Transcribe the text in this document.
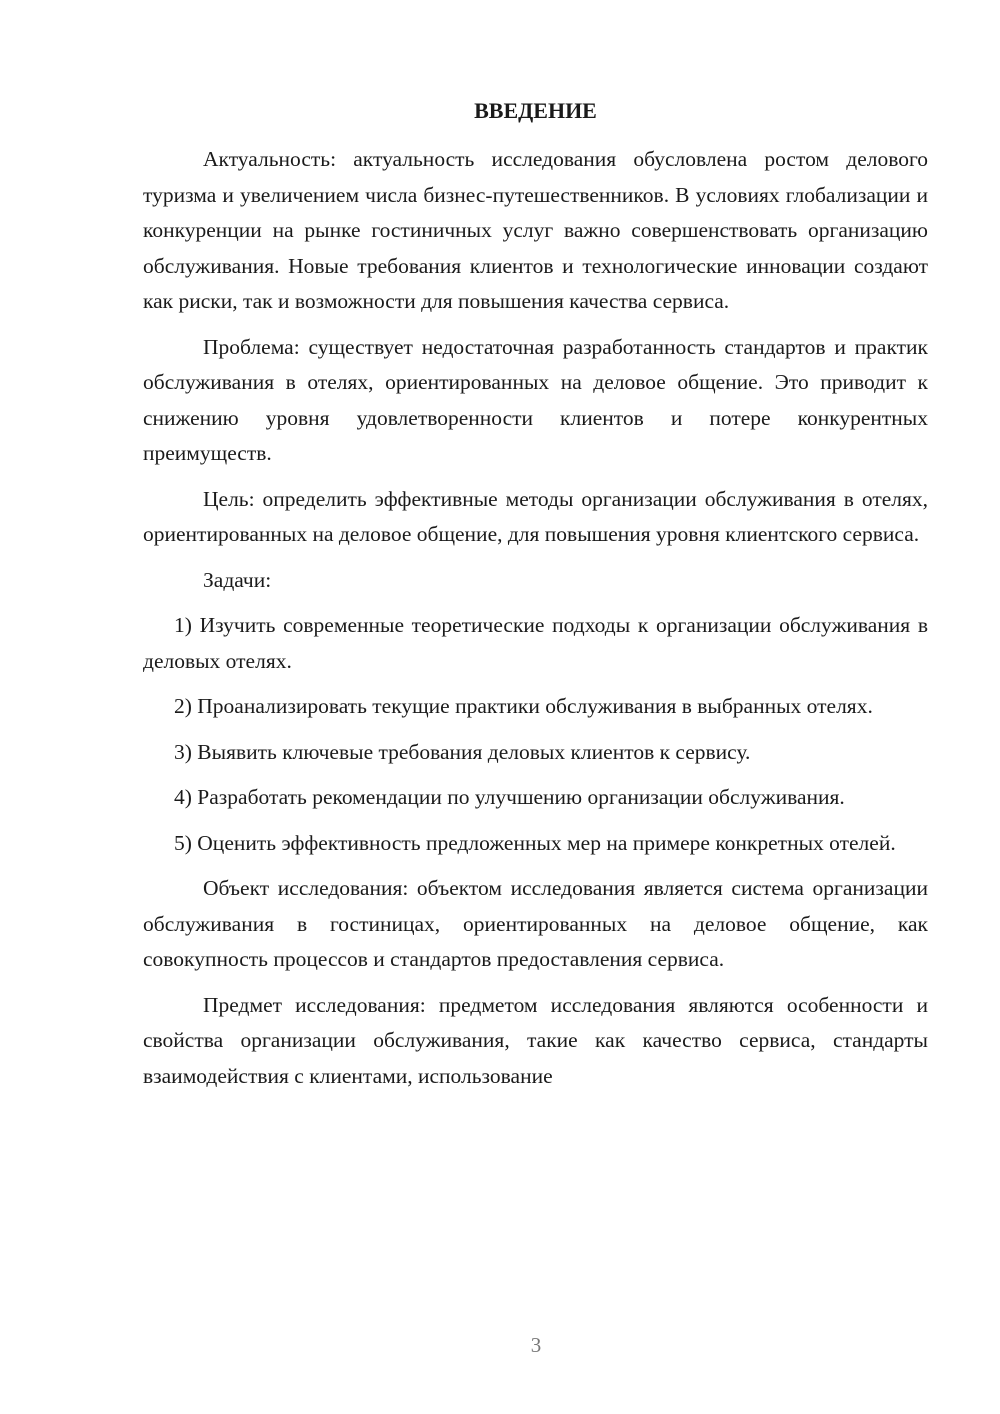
ВВЕДЕНИЕ

Актуальность: актуальность исследования обусловлена ростом делового туризма и увеличением числа бизнес-путешественников. В условиях глобализации и конкуренции на рынке гостиничных услуг важно совершенствовать организацию обслуживания. Новые требования клиентов и технологические инновации создают как риски, так и возможности для повышения качества сервиса.

Проблема: существует недостаточная разработанность стандартов и практик обслуживания в отелях, ориентированных на деловое общение. Это приводит к снижению уровня удовлетворенности клиентов и потере конкурентных преимуществ.

Цель: определить эффективные методы организации обслуживания в отелях, ориентированных на деловое общение, для повышения уровня клиентского сервиса.

Задачи:

1) Изучить современные теоретические подходы к организации обслуживания в деловых отелях.

2) Проанализировать текущие практики обслуживания в выбранных отелях.

3) Выявить ключевые требования деловых клиентов к сервису.

4) Разработать рекомендации по улучшению организации обслуживания.

5) Оценить эффективность предложенных мер на примере конкретных отелей.

Объект исследования: объектом исследования является система организации обслуживания в гостиницах, ориентированных на деловое общение, как совокупность процессов и стандартов предоставления сервиса.

Предмет исследования: предметом исследования являются особенности и свойства организации обслуживания, такие как качество сервиса, стандарты взаимодействия с клиентами, использование

3
